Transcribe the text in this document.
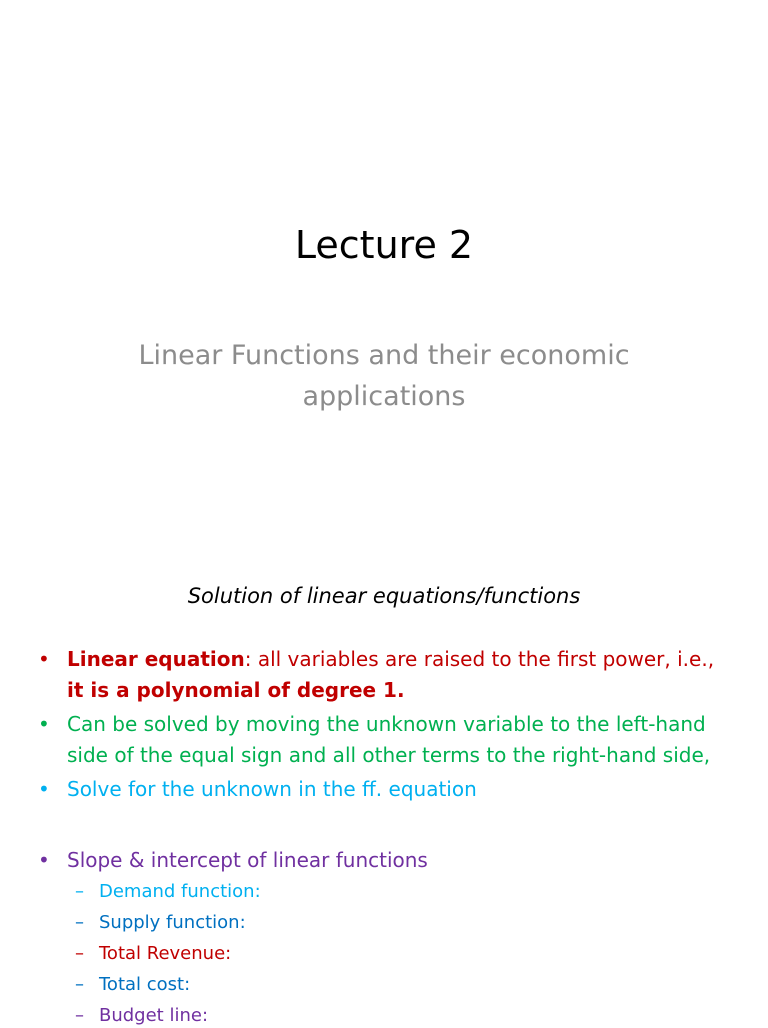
Lecture 2
Linear Functions and their economic applications
Solution of linear equations/functions
• Linear equation: all variables are raised to the first power, i.e.,
it is a polynomial of degree 1.
• Can be solved by moving the unknown variable to the left-hand
side of the equal sign and all other terms to the right-hand side,
• Solve for the unknown in the ff. equation
• Slope & intercept of linear functions
– Demand function:
– Supply function:
– Total Revenue:
– Total cost:
– Budget line:
